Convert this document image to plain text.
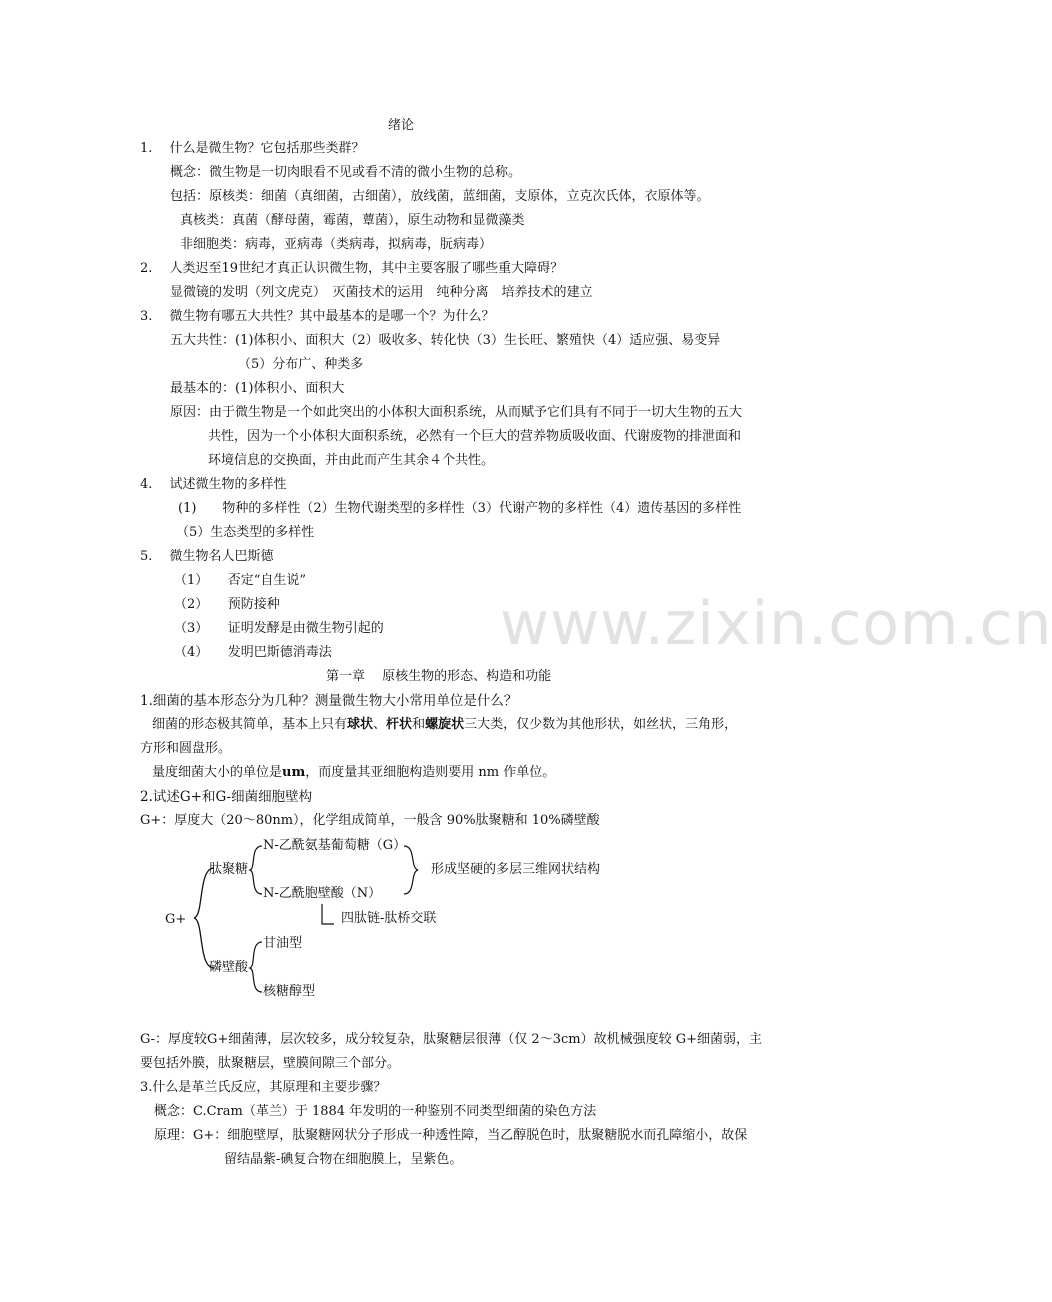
www.zixin.com.cn
绪论
1.　 什么是微生物？它包括那些类群？
概念：微生物是一切肉眼看不见或看不清的微小生物的总称。
包括：原核类：细菌（真细菌，古细菌），放线菌，蓝细菌，支原体，立克次氏体，衣原体等。
真核类：真菌（酵母菌，霉菌，蕈菌），原生动物和显微藻类
非细胞类：病毒，亚病毒（类病毒，拟病毒，朊病毒）
2.　 人类迟至19世纪才真正认识微生物，其中主要客服了哪些重大障碍？
显微镜的发明（列文虎克）　灭菌技术的运用　纯种分离　培养技术的建立
3.　 微生物有哪五大共性？其中最基本的是哪一个？为什么？
五大共性：(1)体积小、面积大（2）吸收多、转化快（3）生长旺、繁殖快（4）适应强、易变异
（5）分布广、种类多
最基本的：(1)体积小、面积大
原因：由于微生物是一个如此突出的小体积大面积系统，从而赋予它们具有不同于一切大生物的五大
共性，因为一个小体积大面积系统，必然有一个巨大的营养物质吸收面、代谢废物的排泄面和
环境信息的交换面，并由此而产生其余４个共性。
4.　 试述微生物的多样性
(1)　　物种的多样性（2）生物代谢类型的多样性（3）代谢产物的多样性（4）遗传基因的多样性
（5）生态类型的多样性
5.　 微生物名人巴斯德
（1）　　否定“自生说”
（2）　　预防接种
（3）　　证明发酵是由微生物引起的
（4）　　发明巴斯德消毒法
第一章　 原核生物的形态、构造和功能
1.细菌的基本形态分为几种？测量微生物大小常用单位是什么？
细菌的形态极其简单，基本上只有球状、杆状和螺旋状三大类，仅少数为其他形状，如丝状，三角形，
方形和圆盘形。
量度细菌大小的单位是um，而度量其亚细胞构造则要用 nm 作单位。
2.试述G+和G-细菌细胞壁构
G+：厚度大（20～80nm），化学组成简单，一般含 90%肽聚糖和 10%磷壁酸
G+
肽聚糖
N-乙酰氨基葡萄糖（G）
N-乙酰胞壁酸（N）
形成坚硬的多层三维网状结构
四肽链-肽桥交联
磷壁酸
甘油型
核糖醇型
G-：厚度较G+细菌薄，层次较多，成分较复杂，肽聚糖层很薄（仅 2～3cm）故机械强度较 G+细菌弱，主
要包括外膜，肽聚糖层，壁膜间隙三个部分。
3.什么是革兰氏反应，其原理和主要步骤？
概念：C.Cram（革兰）于 1884 年发明的一种鉴别不同类型细菌的染色方法
原理：G+：细胞壁厚，肽聚糖网状分子形成一种透性障，当乙醇脱色时，肽聚糖脱水而孔障缩小，故保
留结晶紫-碘复合物在细胞膜上，呈紫色。
